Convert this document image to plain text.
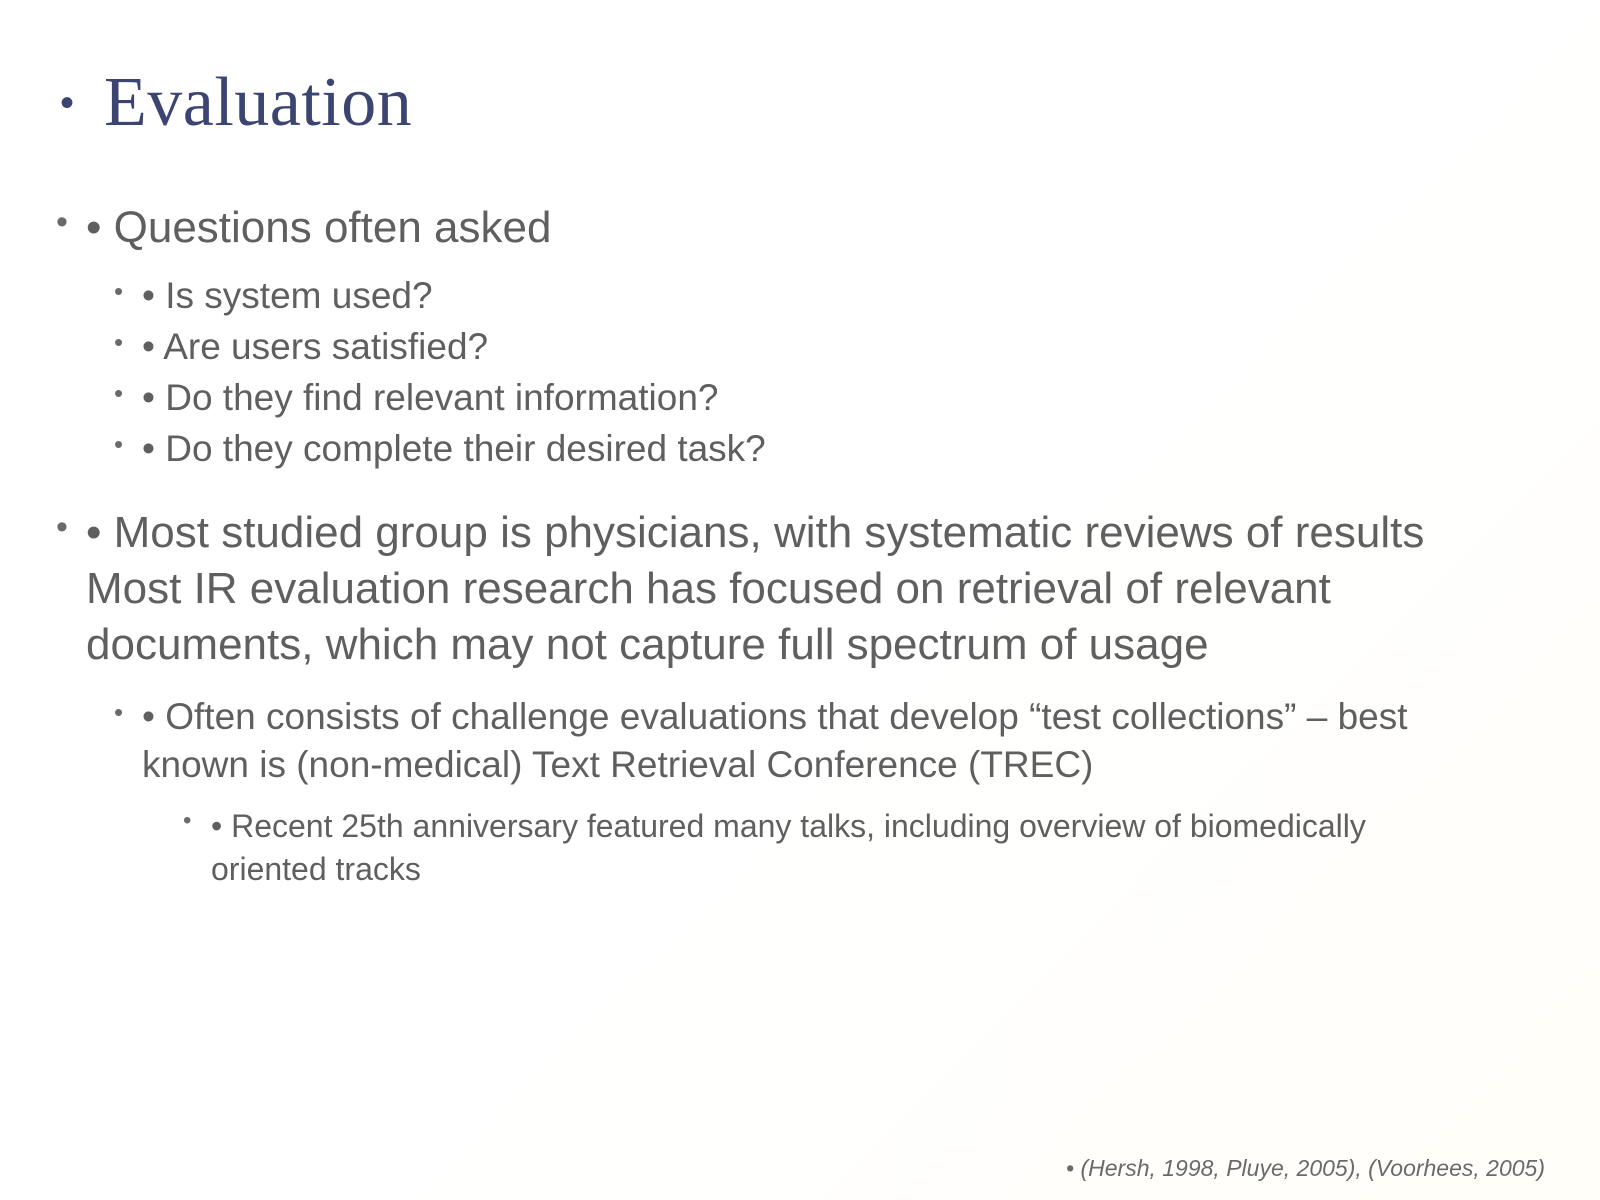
• Evaluation
• • Questions often asked
• • Is system used?
• • Are users satisfied?
• • Do they find relevant information?
• • Do they complete their desired task?
• • Most studied group is physicians, with systematic reviews of results
Most IR evaluation research has focused on retrieval of relevant
documents, which may not capture full spectrum of usage
• • Often consists of challenge evaluations that develop “test collections” – best
known is (non-medical) Text Retrieval Conference (TREC)
• • Recent 25th anniversary featured many talks, including overview of biomedically
oriented tracks
• (Hersh, 1998, Pluye, 2005), (Voorhees, 2005)
